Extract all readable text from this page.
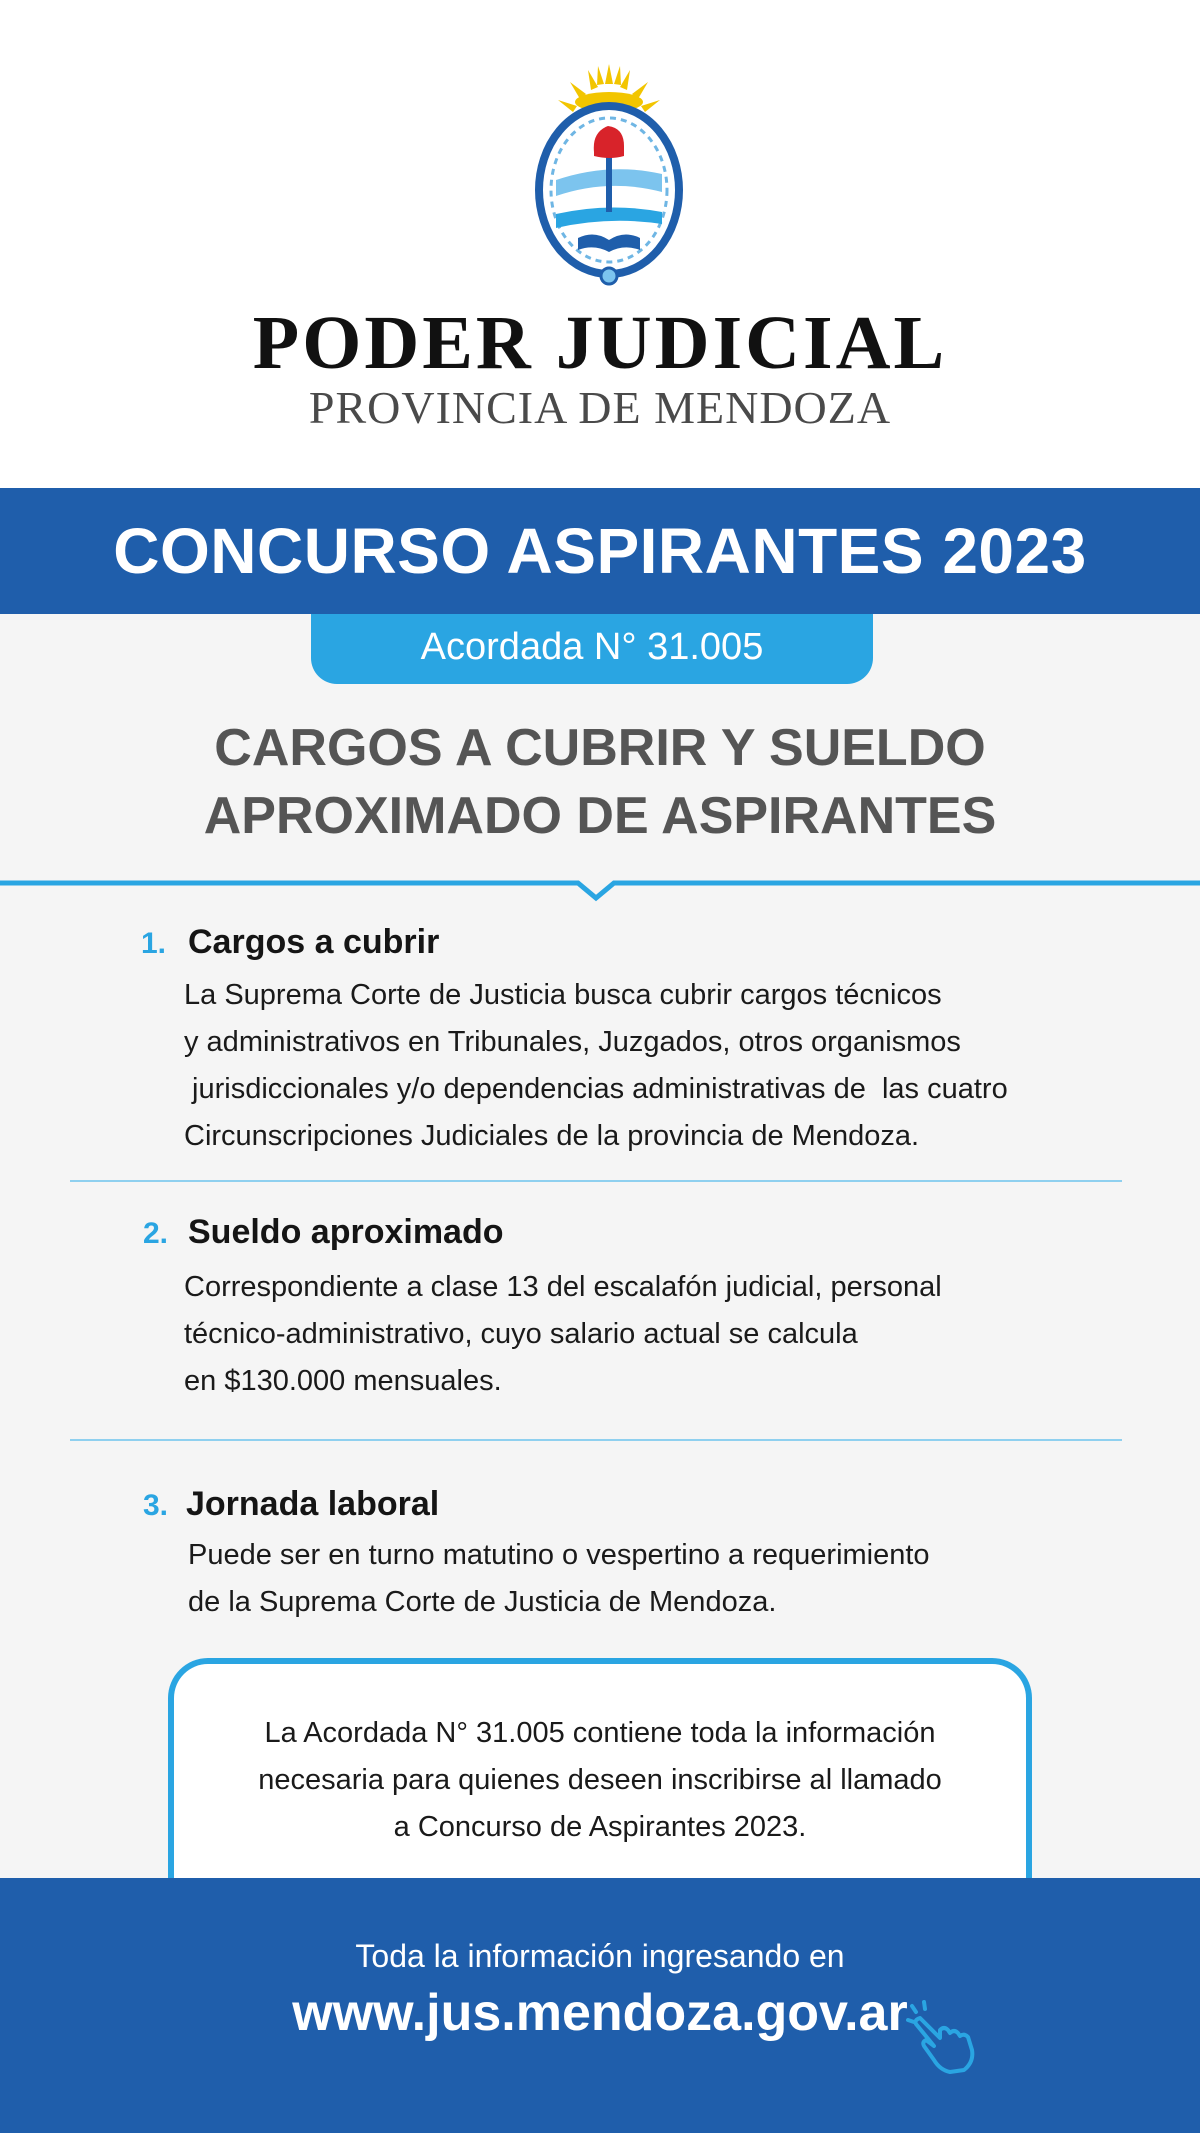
PODER JUDICIAL
PROVINCIA DE MENDOZA
CONCURSO ASPIRANTES 2023
Acordada N° 31.005
CARGOS A CUBRIR Y SUELDO
APROXIMADO DE ASPIRANTES
1. Cargos a cubrir
La Suprema Corte de Justicia busca cubrir cargos técnicos
y administrativos en Tribunales, Juzgados, otros organismos
jurisdiccionales y/o dependencias administrativas de  las cuatro
Circunscripciones Judiciales de la provincia de Mendoza.
2. Sueldo aproximado
Correspondiente a clase 13 del escalafón judicial, personal
técnico-administrativo, cuyo salario actual se calcula
en $130.000 mensuales.
3. Jornada laboral
Puede ser en turno matutino o vespertino a requerimiento
de la Suprema Corte de Justicia de Mendoza.
La Acordada N° 31.005 contiene toda la información
necesaria para quienes deseen inscribirse al llamado
a Concurso de Aspirantes 2023.
Toda la información ingresando en
www.jus.mendoza.gov.ar
